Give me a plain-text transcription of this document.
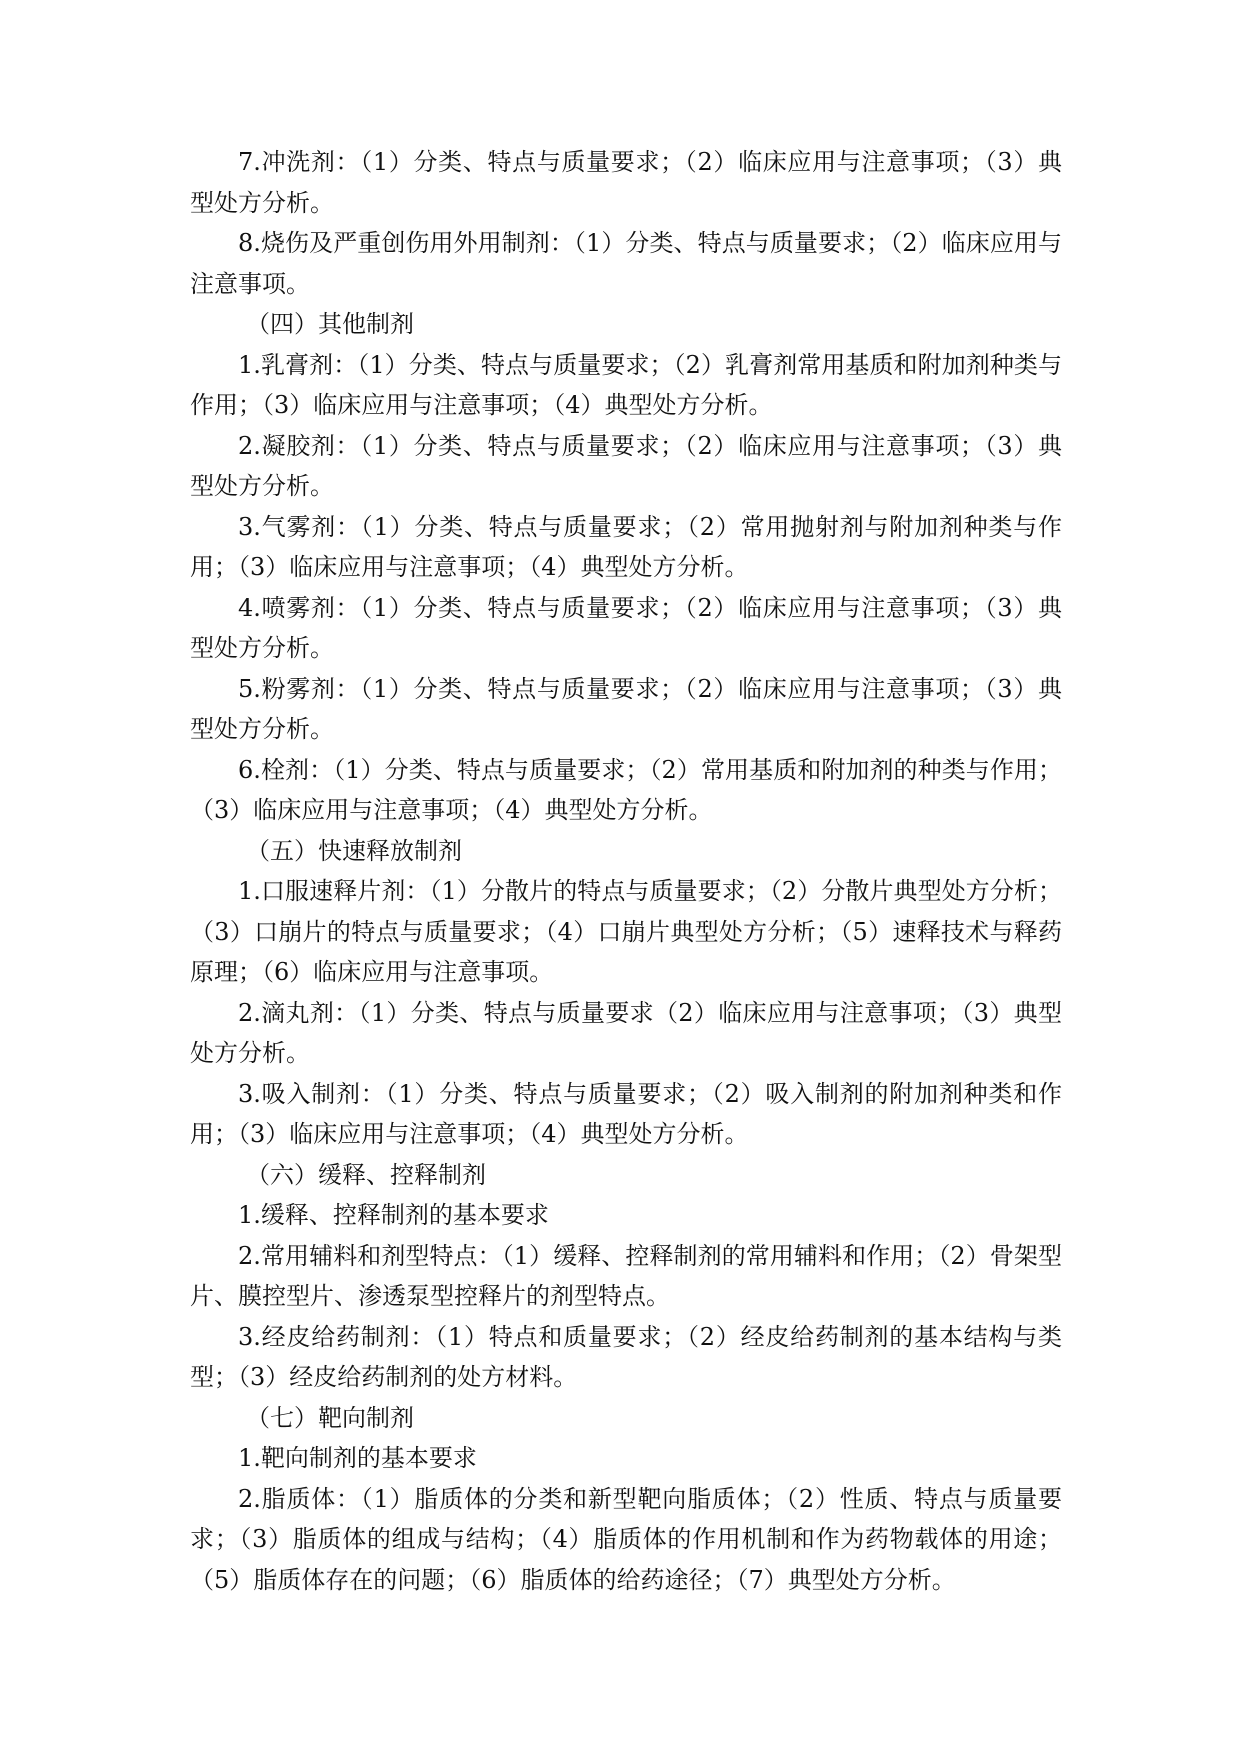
7.冲洗剂：（1）分类、特点与质量要求；（2）临床应用与注意事项；（3）典型处方分析。

8.烧伤及严重创伤用外用制剂：（1）分类、特点与质量要求；（2）临床应用与注意事项。

（四）其他制剂

1.乳膏剂：（1）分类、特点与质量要求；（2）乳膏剂常用基质和附加剂种类与作用；（3）临床应用与注意事项；（4）典型处方分析。

2.凝胶剂：（1）分类、特点与质量要求；（2）临床应用与注意事项；（3）典型处方分析。

3.气雾剂：（1）分类、特点与质量要求；（2）常用抛射剂与附加剂种类与作用；（3）临床应用与注意事项；（4）典型处方分析。

4.喷雾剂：（1）分类、特点与质量要求；（2）临床应用与注意事项；（3）典型处方分析。

5.粉雾剂：（1）分类、特点与质量要求；（2）临床应用与注意事项；（3）典型处方分析。

6.栓剂：（1）分类、特点与质量要求；（2）常用基质和附加剂的种类与作用；（3）临床应用与注意事项；（4）典型处方分析。

（五）快速释放制剂

1.口服速释片剂：（1）分散片的特点与质量要求；（2）分散片典型处方分析；（3）口崩片的特点与质量要求；（4）口崩片典型处方分析；（5）速释技术与释药原理；（6）临床应用与注意事项。

2.滴丸剂：（1）分类、特点与质量要求（2）临床应用与注意事项；（3）典型处方分析。

3.吸入制剂：（1）分类、特点与质量要求；（2）吸入制剂的附加剂种类和作用；（3）临床应用与注意事项；（4）典型处方分析。

（六）缓释、控释制剂

1.缓释、控释制剂的基本要求

2.常用辅料和剂型特点：（1）缓释、控释制剂的常用辅料和作用；（2）骨架型片、膜控型片、渗透泵型控释片的剂型特点。

3.经皮给药制剂：（1）特点和质量要求；（2）经皮给药制剂的基本结构与类型；（3）经皮给药制剂的处方材料。

（七）靶向制剂

1.靶向制剂的基本要求

2.脂质体：（1）脂质体的分类和新型靶向脂质体；（2）性质、特点与质量要求；（3）脂质体的组成与结构；（4）脂质体的作用机制和作为药物载体的用途；（5）脂质体存在的问题；（6）脂质体的给药途径；（7）典型处方分析。
